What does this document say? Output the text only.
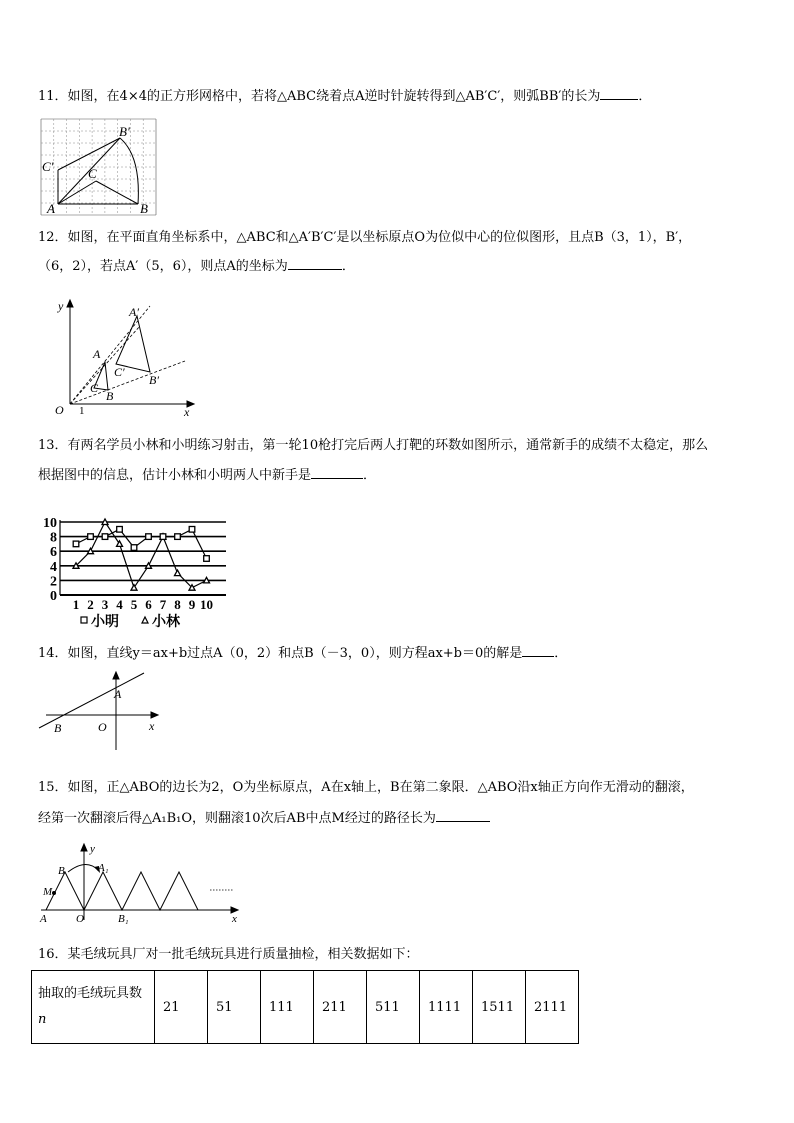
11．如图，在4×4的正方形网格中，若将△ABC绕着点A逆时针旋转得到△AB′C′，则弧BB′的长为	．
A	B
C
B′
C′
12．如图，在平面直角坐标系中，△ABC和△A′B′C′是以坐标原点O为位似中心的位似图形，且点B（3，1），B′，
（6，2），若点A′（5，6），则点A的坐标为	．
y
x
O 1
A
B
C
A′
B′
C′
13．有两名学员小林和小明练习射击，第一轮10枪打完后两人打靶的环数如图所示，通常新手的成绩不太稳定，那么
根据图中的信息，估计小林和小明两人中新手是	．
10
8
6
4
2
0
1 2 3 4 5 6 7 8 9 10
小明 小林
14．如图，直线y＝ax+b过点A（0，2）和点B（－3，0），则方程ax+b＝0的解是 ．
A
B	O	x
15．如图，正△ABO的边长为2，O为坐标原点，A在x轴上，B在第二象限．△ABO沿x轴正方向作无滑动的翻滚，
经第一次翻滚后得△A₁B₁O，则翻滚10次后AB中点M经过的路径长为
B
M
A	O
A₁
B₁
y
x
16．某毛绒玩具厂对一批毛绒玩具进行质量抽检，相关数据如下：
抽取的毛绒玩具数
n
	21	51	111	211	511	1111	1511	2111
